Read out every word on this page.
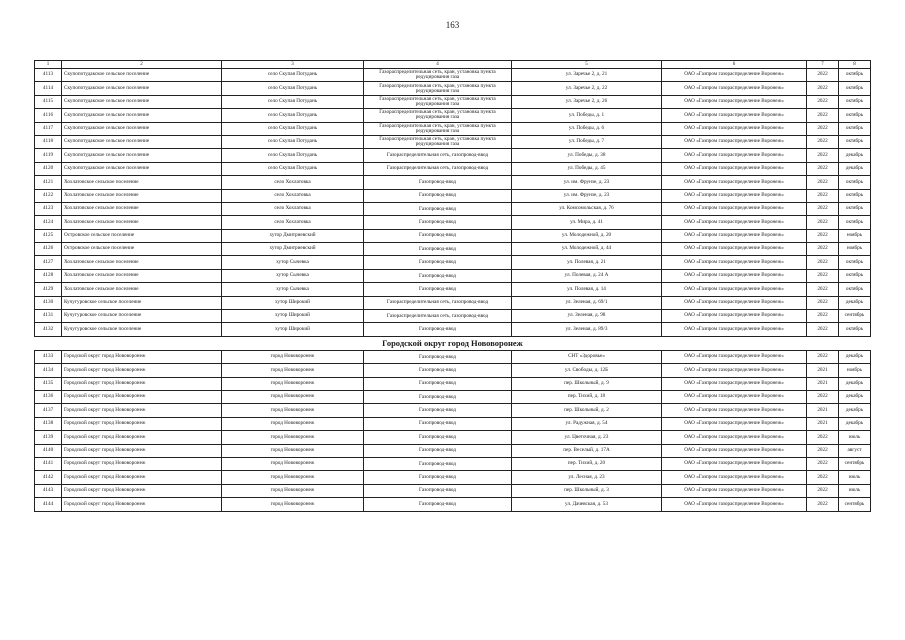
163
1	2	3	4	5	6	7	8
4113	Скупопотудакское сельское поселение	село Скупая Потудань	Газораспределительная сеть, кран, установка пункта редуцирования газа	ул. Заречье 2, д. 21	ОАО «Газпром газораспределение Воронеж»	2022	октябрь
4114	Скупопотудакское сельское поселение	село Скупая Потудань	Газораспределительная сеть, кран, установка пункта редуцирования газа	ул. Заречье 2, д. 22	ОАО «Газпром газораспределение Воронеж»	2022	октябрь
4115	Скупопотудакское сельское поселение	село Скупая Потудань	Газораспределительная сеть, кран, установка пункта редуцирования газа	ул. Заречье 2, д. 26	ОАО «Газпром газораспределение Воронеж»	2022	октябрь
4116	Скупопотудакское сельское поселение	село Скупая Потудань	Газораспределительная сеть, кран, установка пункта редуцирования газа	ул. Победы, д. 1	ОАО «Газпром газораспределение Воронеж»	2022	октябрь
4117	Скупопотудакское сельское поселение	село Скупая Потудань	Газораспределительная сеть, кран, установка пункта редуцирования газа	ул. Победы, д. 6	ОАО «Газпром газораспределение Воронеж»	2022	октябрь
4118	Скупопотудакское сельское поселение	село Скупая Потудань	Газораспределительная сеть, кран, установка пункта редуцирования газа	ул. Победы, д. 7	ОАО «Газпром газораспределение Воронеж»	2022	октябрь
4119	Скупопотудакское сельское поселение	село Скупая Потудань	Газораспределительная сеть, газопровод-ввод	ул. Победы, д. 38	ОАО «Газпром газораспределение Воронеж»	2022	декабрь
4120	Скупопотудакское сельское поселение	село Скупая Потудань	Газораспределительная сеть, газопровод-ввод	ул. Победы, д. 45	ОАО «Газпром газораспределение Воронеж»	2022	декабрь
4121	Хохлатовское сельское поселение	село Хохлатовка	Газопровод-ввод	ул. им. Фрунзе, д. 23	ОАО «Газпром газораспределение Воронеж»	2022	октябрь
4122	Хохлатовское сельское поселение	село Хохлатовка	Газопровод-ввод	ул. им. Фрунзе, д. 23	ОАО «Газпром газораспределение Воронеж»	2022	октябрь
4123	Хохлатовское сельское поселение	село Хохлатовка	Газопровод-ввод	ул. Комсомольская, д. 76	ОАО «Газпром газораспределение Воронеж»	2022	октябрь
4124	Хохлатовское сельское поселение	село Хохлатовка	Газопровод-ввод	ул. Мира, д. 41	ОАО «Газпром газораспределение Воронеж»	2022	октябрь
4125	Островское сельское поселение	хутор Дмитриевский	Газопровод-ввод	ул. Молодежной, д. 20	ОАО «Газпром газораспределение Воронеж»	2022	ноябрь
4126	Островское сельское поселение	хутор Дмитриевский	Газопровод-ввод	ул. Молодежной, д. 44	ОАО «Газпром газораспределение Воронеж»	2022	ноябрь
4127	Хохлатовское сельское поселение	хутор Сычевка	Газопровод-ввод	ул. Полевая, д. 21	ОАО «Газпром газораспределение Воронеж»	2022	октябрь
4128	Хохлатовское сельское поселение	хутор Сычевка	Газопровод-ввод	ул. Полевая, д. 24 А	ОАО «Газпром газораспределение Воронеж»	2022	октябрь
4129	Хохлатовское сельское поселение	хутор Сычевка	Газопровод-ввод	ул. Полевая, д. 14	ОАО «Газпром газораспределение Воронеж»	2022	октябрь
4130	Кучугуровское сельское поселение	хутор Широкий	Газораспределительная сеть, газопровод-ввод	ул. Зеленая, д. 69/1	ОАО «Газпром газораспределение Воронеж»	2022	декабрь
4131	Кучугуровское сельское поселение	хутор Широкий	Газораспределительная сеть, газопровод-ввод	ул. Зеленая, д. 98	ОАО «Газпром газораспределение Воронеж»	2022	сентябрь
4132	Кучугуровское сельское поселение	хутор Широкий	Газопровод-ввод	ул. Зеленая, д. 89/3	ОАО «Газпром газораспределение Воронеж»	2022	октябрь
Городской округ город Нововоронеж							
4133	Городской округ город Нововоронеж	город Нововоронеж	Газопровод-ввод	СНТ «Здоровье»	ОАО «Газпром газораспределение Воронеж»	2022	декабрь
4134	Городской округ город Нововоронеж	город Нововоронеж	Газопровод-ввод	ул. Свободы, д. 12Б	ОАО «Газпром газораспределение Воронеж»	2021	ноябрь
4135	Городской округ город Нововоронеж	город Нововоронеж	Газопровод-ввод	пер. Школьный, д. 9	ОАО «Газпром газораспределение Воронеж»	2021	декабрь
4136	Городской округ город Нововоронеж	город Нововоронеж	Газопровод-ввод	пер. Тихий, д. 18	ОАО «Газпром газораспределение Воронеж»	2022	декабрь
4137	Городской округ город Нововоронеж	город Нововоронеж	Газопровод-ввод	пер. Школьный, д. 2	ОАО «Газпром газораспределение Воронеж»	2021	декабрь
4138	Городской округ город Нововоронеж	город Нововоронеж	Газопровод-ввод	ул. Радужная, д. 54	ОАО «Газпром газораспределение Воронеж»	2021	декабрь
4139	Городской округ город Нововоронеж	город Нововоронеж	Газопровод-ввод	ул. Цветочная, д. 23	ОАО «Газпром газораспределение Воронеж»	2022	июль
4140	Городской округ город Нововоронеж	город Нововоронеж	Газопровод-ввод	пер. Веселый, д. 17А	ОАО «Газпром газораспределение Воронеж»	2022	август
4141	Городской округ город Нововоронеж	город Нововоронеж	Газопровод-ввод	пер. Тихий, д. 20	ОАО «Газпром газораспределение Воронеж»	2022	сентябрь
4142	Городской округ город Нововоронеж	город Нововоронеж	Газопровод-ввод	ул. Лесная, д. 23	ОАО «Газпром газораспределение Воронеж»	2022	июль
4143	Городской округ город Нововоронеж	город Нововоронеж	Газопровод-ввод	пер. Школьный, д. 3	ОАО «Газпром газораспределение Воронеж»	2022	июль
4144	Городской округ город Нововоронеж	город Нововоронеж	Газопровод-ввод	ул. Дачевская, д. 53	ОАО «Газпром газораспределение Воронеж»	2022	сентябрь
